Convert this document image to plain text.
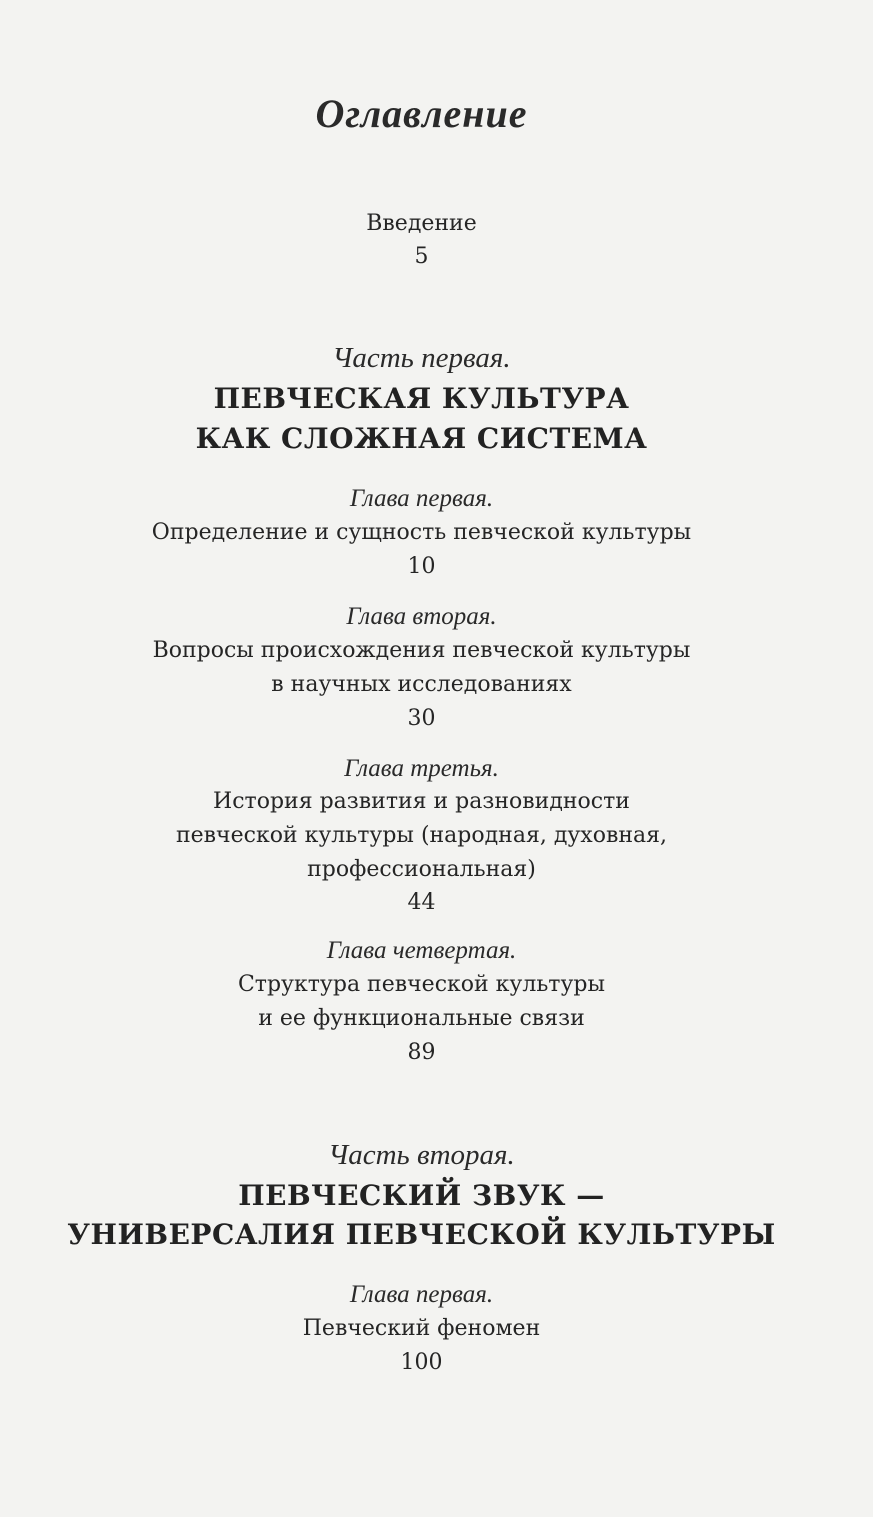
Оглавление
Введение
5
Часть первая.
ПЕВЧЕСКАЯ КУЛЬТУРА
КАК СЛОЖНАЯ СИСТЕМА
Глава первая.
Определение и сущность певческой культуры
10
Глава вторая.
Вопросы происхождения певческой культуры
в научных исследованиях
30
Глава третья.
История развития и разновидности
певческой культуры (народная, духовная,
профессиональная)
44
Глава четвертая.
Структура певческой культуры
и ее функциональные связи
89
Часть вторая.
ПЕВЧЕСКИЙ ЗВУК —
УНИВЕРСАЛИЯ ПЕВЧЕСКОЙ КУЛЬТУРЫ
Глава первая.
Певческий феномен
100
